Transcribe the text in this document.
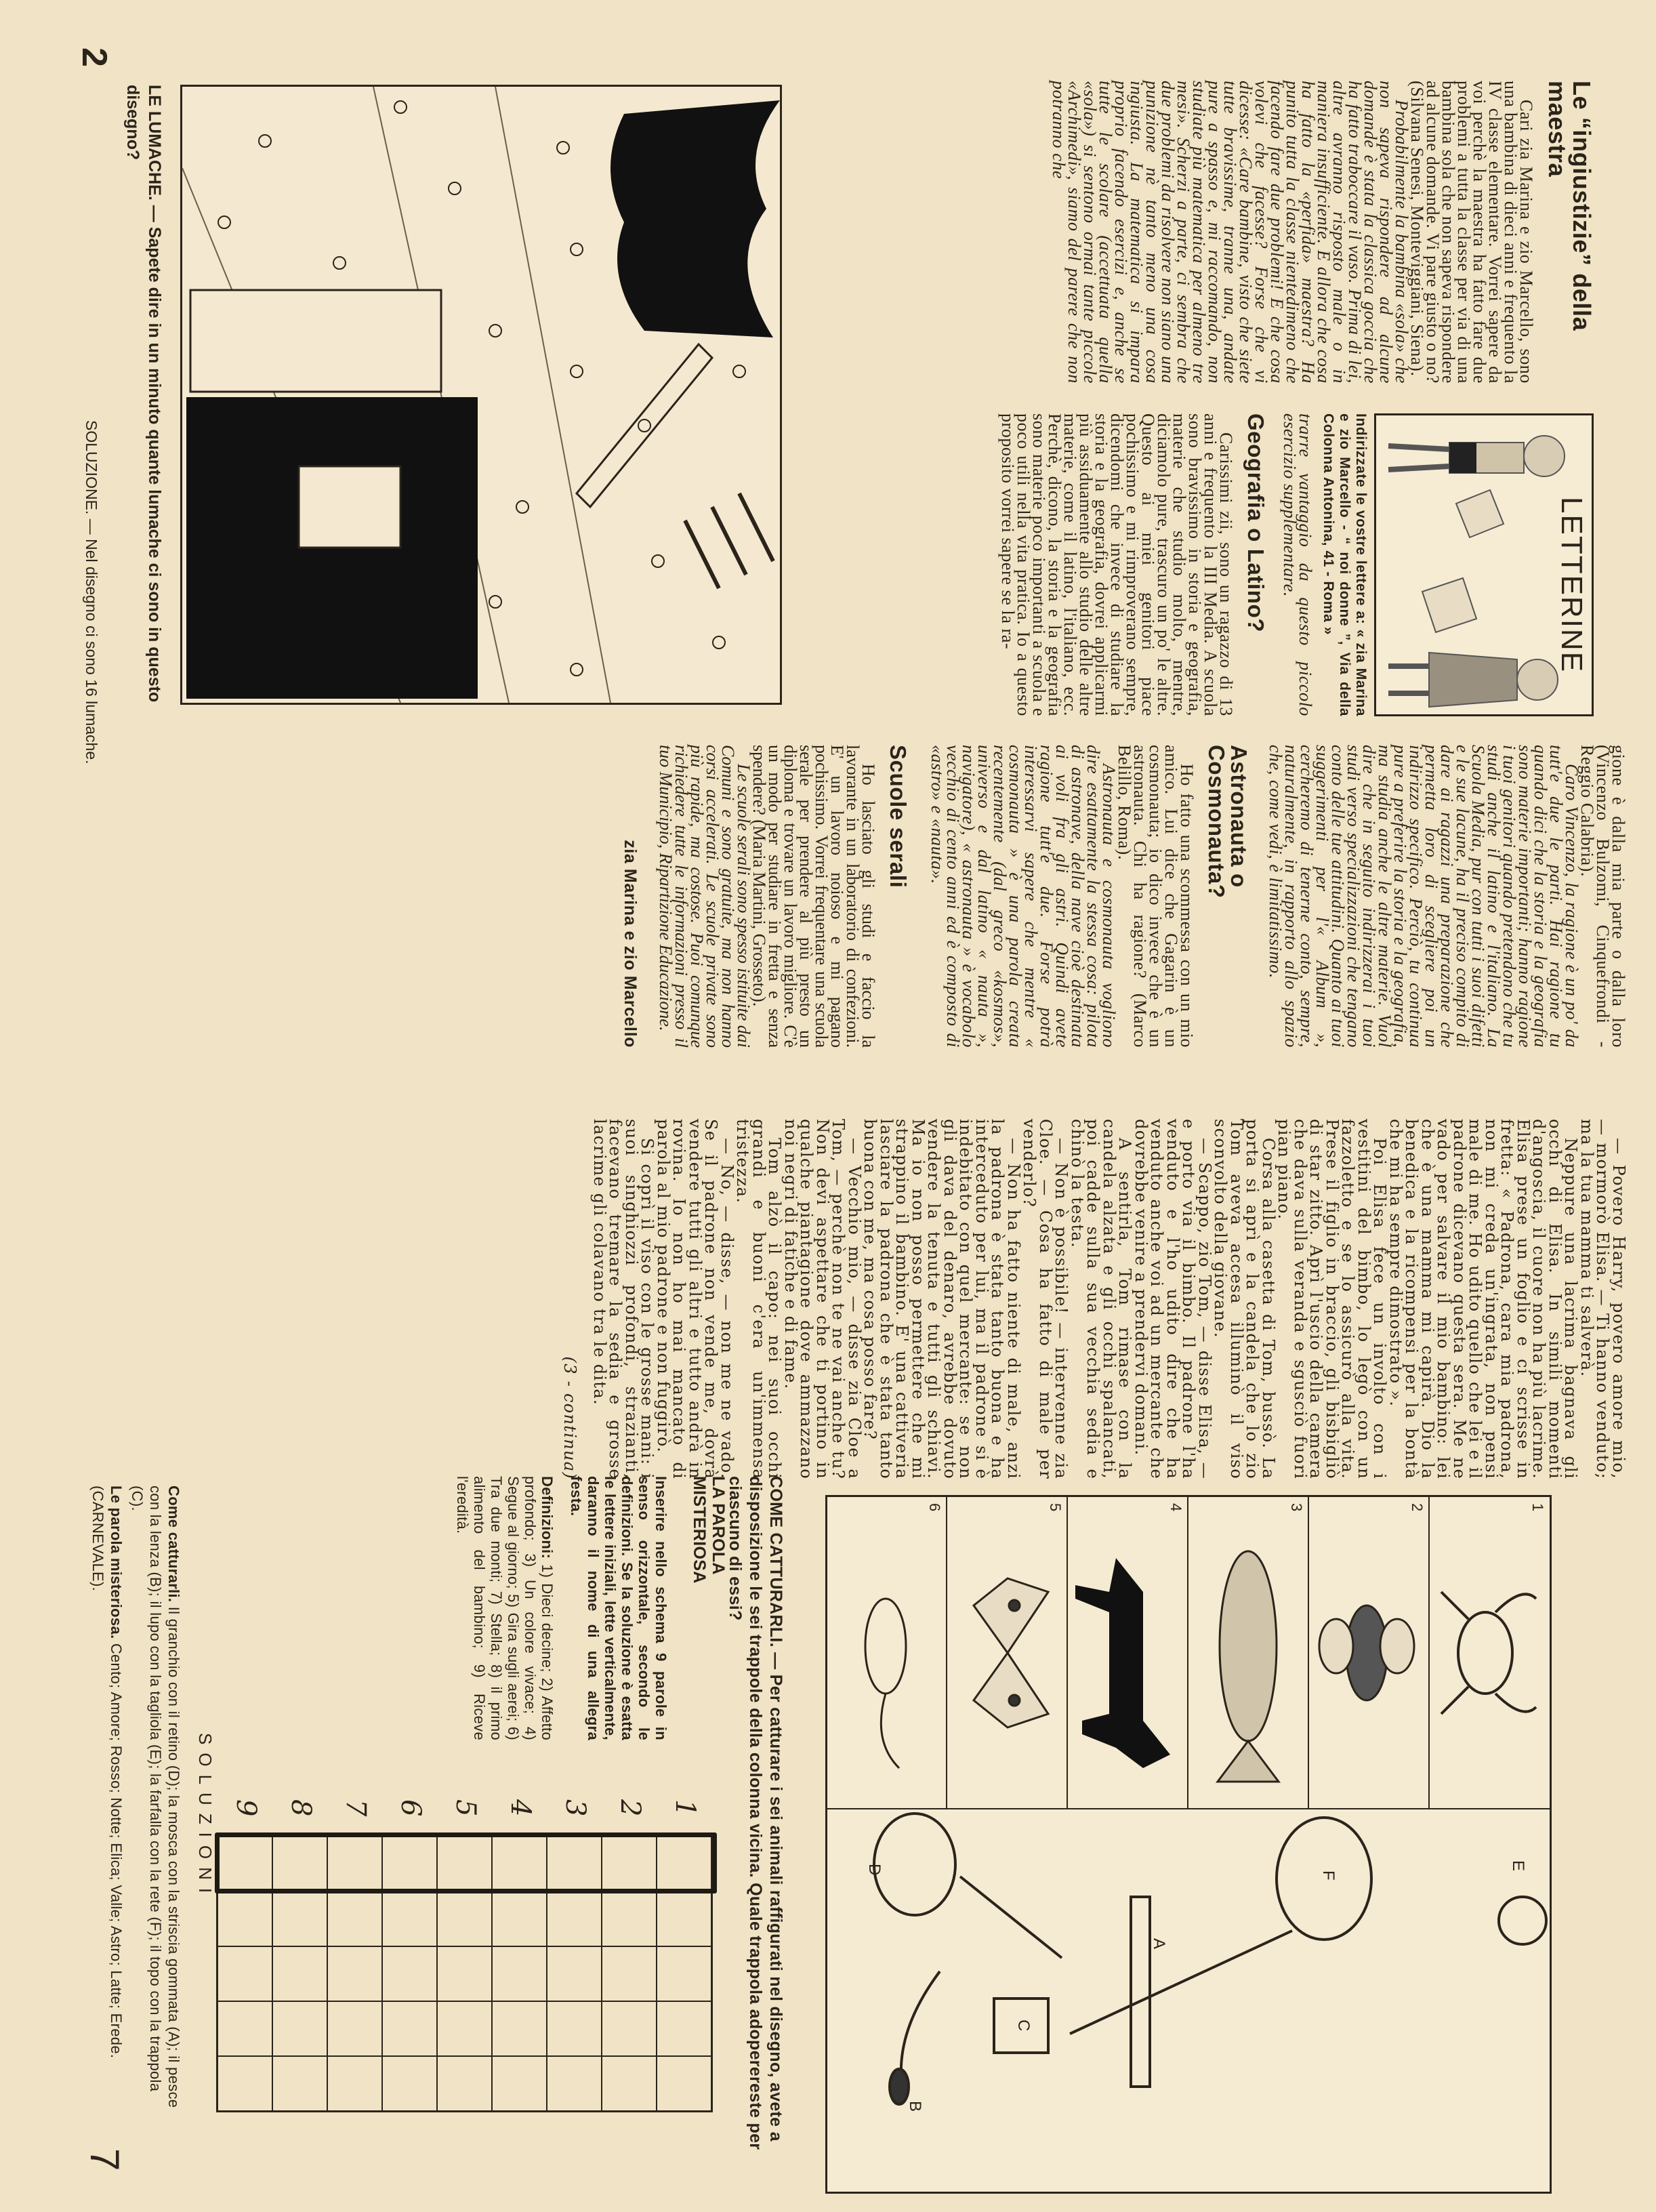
Le “ingiustizie” della maestra

Cari zia Marina e zio Marcello, sono una bambina di dieci anni e frequento la IV classe elementare. Vorrei sapere da voi perchè la maestra ha fatto fare due problemi a tutta la classe per via di una bambina sola che non sapeva rispondere ad alcune domande. Vi pare giusto o no? (Silvana Senesi, Monteviggiani, Siena).

Probabilmente la bambina «sola» che non sapeva rispondere ad alcune domande è stata la classica goccia che ha fatto traboccare il vaso. Prima di lei, altre avranno risposto male o in maniera insufficiente. E allora che cosa ha fatto la «perfida» maestra? Ha punito tutta la classe nientedimeno che facendo fare due problemi! E che cosa volevi che facesse? Forse che vi dicesse: «Care bambine, visto che siete tutte bravissime, tranne una, andate pure a spasso e, mi raccomando, non studiate più matematica per almeno tre mesi». Scherzi a parte, ci sembra che due problemi da risolvere non siano una punizione nè tanto meno una cosa ingiusta. La matematica si impara proprio facendo esercizi e, anche se tutte le scolare (accettuata quella «sola») si sentono ormai tante piccole «Archimedi», siamo del parere che non potranno che

LETTERINE

Indirizzate le vostre lettere a: « zia Marina e zio Marcello - “ noi donne ”, Via della Colonna Antonina, 41 - Roma »

trarre vantaggio da questo piccolo esercizio supplementare.

Geografia o Latino?

Carissimi zii, sono un ragazzo di 13 anni e frequento la III Media. A scuola sono bravissimo in storia e geografia, materie che studio molto, mentre, diciamolo pure, trascuro un po' le altre. Questo ai miei genitori piace pochissimo e mi rimproverano sempre, dicendomi che invece di studiare la storia e la geografia, dovrei applicarmi più assiduamente allo studio delle altre materie, come il latino, l'italiano, ecc. Perchè, dicono, la storia e la geografia sono materie poco importanti a scuola e poco utili nella vita pratica. Io a questo proposito vorrei sapere se la ra-

gione è dalla mia parte o dalla loro (Vincenzo Bulzomi, Cinquefrondi - Reggio Calabria).

Caro Vincenzo, la ragione è un po' da tutt'e due le parti. Hai ragione tu quando dici che la storia e la geografia sono materie importanti; hanno ragione i tuoi genitori quando pretendono che tu studi anche il latino e l'italiano. La Scuola Media, pur con tutti i suoi difetti e le sue lacune, ha il preciso compito di dare ai ragazzi una preparazione che permetta loro di scegliere poi un indirizzo specifico. Perciò, tu continua pure a preferire la storia e la geografia, ma studia anche le altre materie. Vuol dire che in seguito indirizzerai i tuoi studi verso specializzazioni che tengano conto delle tue attitudini. Quanto ai tuoi suggerimenti per l'« Album », cercheremo di tenerne conto, sempre, naturalmente, in rapporto allo spazio che, come vedi, è limitatissimo.

Astronauta o Cosmonauta?

Ho fatto una scommessa con un mio amico. Lui dice che Gagarin è un cosmonauta; io dico invece che è un astronauta. Chi ha ragione? (Marco Belillo, Roma).

Astronauta e cosmonauta vogliono dire esattamente la stessa cosa: pilota di astronave, della nave cioè destinata ai voli fra gli astri. Quindi avete ragione tutt'e due. Forse potrà interessarvi sapere che mentre « cosmonauta » è una parola creata recentemente (dal greco «kosmos», universo e dal latino « nauta », navigatore), « astronauta » è vocabolo vecchio di cento anni ed è composto di «astro» e «nauta».

Scuole serali

Ho lasciato gli studi e faccio la lavorante in un laboratorio di confezioni. E' un lavoro noioso e mi pagano pochissimo. Vorrei frequentare una scuola serale per prendere al più presto un diploma e trovare un lavoro migliore. C'è un modo per studiare in fretta e senza spendere? (Maria Martini, Grosseto).

Le scuole serali sono spesso istituite dai Comuni e sono gratuite, ma non hanno corsi accelerati. Le scuole private sono più rapide, ma costose. Puoi comunque richiedere tutte le informazioni presso il tuo Municipio, Ripartizione Educazione.

zia Marina e zio Marcello
LE LUMACHE. — Sapete dire in un minuto quante lumache ci sono in questo disegno?
SOLUZIONE. — Nel disegno ci sono 16 lumache.
2

— Povero Harry, povero amore mio, — mormorò Elisa. — Ti hanno venduto; ma la tua mamma ti salverà.

Neppure una lacrima bagnava gli occhi di Elisa. In simili momenti d'angoscia, il cuore non ha più lacrime. Elisa prese un foglio e ci scrisse in fretta: « Padrona, cara mia padrona, non mi creda un'ingrata, non pensi male di me. Ho udito quello che lei e il padrone dicevano questa sera. Me ne vado per salvare il mio bambino: lei che è una mamma mi capirà. Dio la benedica e la ricompensi per la bontà che mi ha sempre dimostrato ».

Poi Elisa fece un involto con i vestitini del bimbo, lo legò con un fazzoletto e se lo assicurò alla vita. Prese il figlio in braccio, gli bisbigliò di star zitto. Aprì l'uscio della camera che dava sulla veranda e sgusciò fuori pian piano.

Corsa alla casetta di Tom, bussò. La porta si aprì e la candela che lo zio Tom aveva accesa illuminò il viso sconvolto della giovane.

— Scappo, zio Tom, — disse Elisa, — e porto via il bimbo. Il padrone l'ha venduto e l'ho udito dire che ha venduto anche voi ad un mercante che dovrebbe venire a prendervi domani.

A sentirla, Tom rimase con la candela alzata e gli occhi spalancati, poi cadde sulla sua vecchia sedia e chinò la testa.

— Non è possibile! — intervenne zia Cloe. — Cosa ha fatto di male per venderlo?

— Non ha fatto niente di male, anzi la padrona è stata tanto buona e ha interceduto per lui, ma il padrone si è indebitato con quel mercante: se non gli dava del denaro, avrebbe dovuto vendere la tenuta e tutti gli schiavi. Ma io non posso permettere che mi strappino il bambino. E' una cattiveria lasciare la padrona che è stata tanto buona con me, ma cosa posso fare?

— Vecchio mio, — disse zia Cloe a Tom, — perchè non te ne vai anche tu? Non devi aspettare che ti portino in qualche piantagione dove ammazzano noi negri di fatiche e di fame.

Tom alzò il capo: nei suoi occhi grandi e buoni c'era un'immensa tristezza.

— No, — disse, — non me ne vado. Se il padrone non vende me, dovrà vendere tutti gli altri e tutto andrà in rovina. Io non ho mai mancato di parola al mio padrone e non fuggirò.

Si coprì il viso con le grosse mani: i suoi singhiozzi profondi, strazianti, facevano tremare la sedia e grosse lacrime gli colavano tra le dita.

(3 - continua)

E
F
A
C
B
D
COME CATTURARLI. — Per catturare i sei animali raffigurati nel disegno, avete a disposizione le sei trappole della colonna vicina. Quale trappola adoperereste per ciascuno di essi?
LA PAROLA MISTERIOSA
Inserire nello schema 9 parole in senso orizzontale, secondo le definizioni. Se la soluzione è esatta le lettere iniziali, lette verticalmente, daranno il nome di una allegra festa.
Definizioni: 1) Dieci decine; 2) Affetto profondo; 3) Un colore vivace; 4) Segue al giorno; 5) Gira sugli aerei; 6) Tra due monti; 7) Stella; 8) il primo alimento del bambino; 9) Riceve l'eredità.
SOLUZIONI
Come catturarli. Il granchio con il retino (D); la mosca con la striscia gommata (A); il pesce con la lenza (B); il lupo con la tagliola (E); la farfalla con la rete (F); il topo con la trappola (C).
Le parola misteriosa. Cento; Amore; Rosso; Notte; Elica; Valle; Astro; Latte; Erede. (CARNEVALE).
7
1
2
3
4
5
6
7
8
9
1
2
3
4
5
6
